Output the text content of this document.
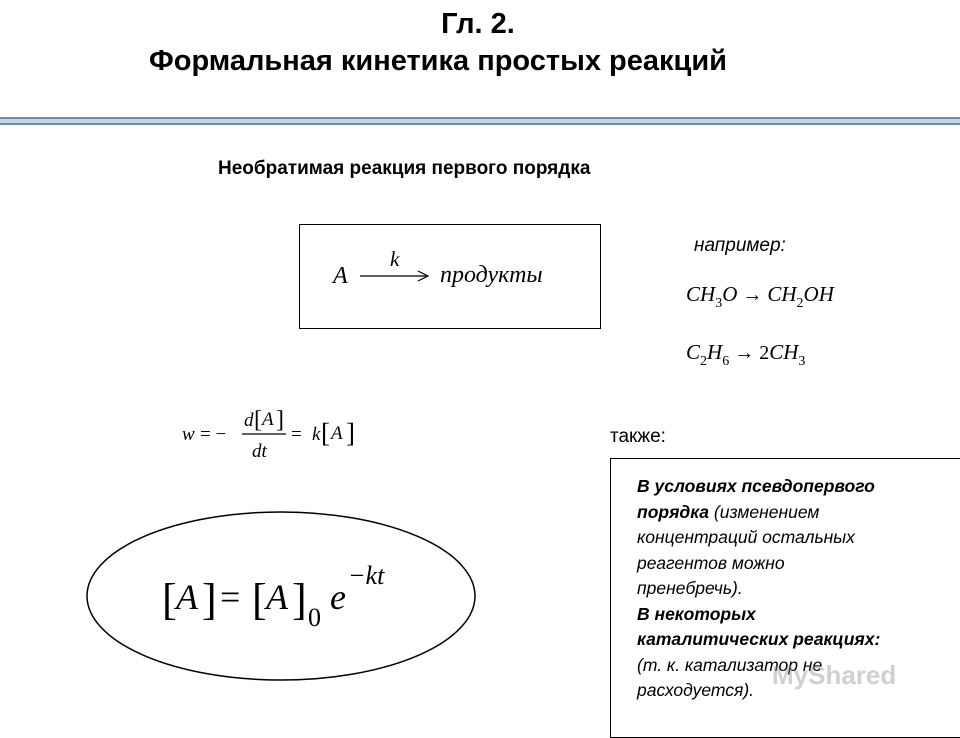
Гл. 2.
Формальная кинетика простых реакций
Необратимая реакция первого порядка
A
k
продукты
например:
$CH_3O \to CH_2OH$
$C_2H_6 \to 2CH_3$
w = −
d [ A ]
dt
= k [ A ]
[ A ] = [ A ] 0
e
−kt
также:
В условиях псевдопервого
порядка (изменением
концентраций остальных
реагентов можно
пренебречь).
В некоторых
каталитических реакциях:
(т. к. катализатор не
расходуется). MyShared
